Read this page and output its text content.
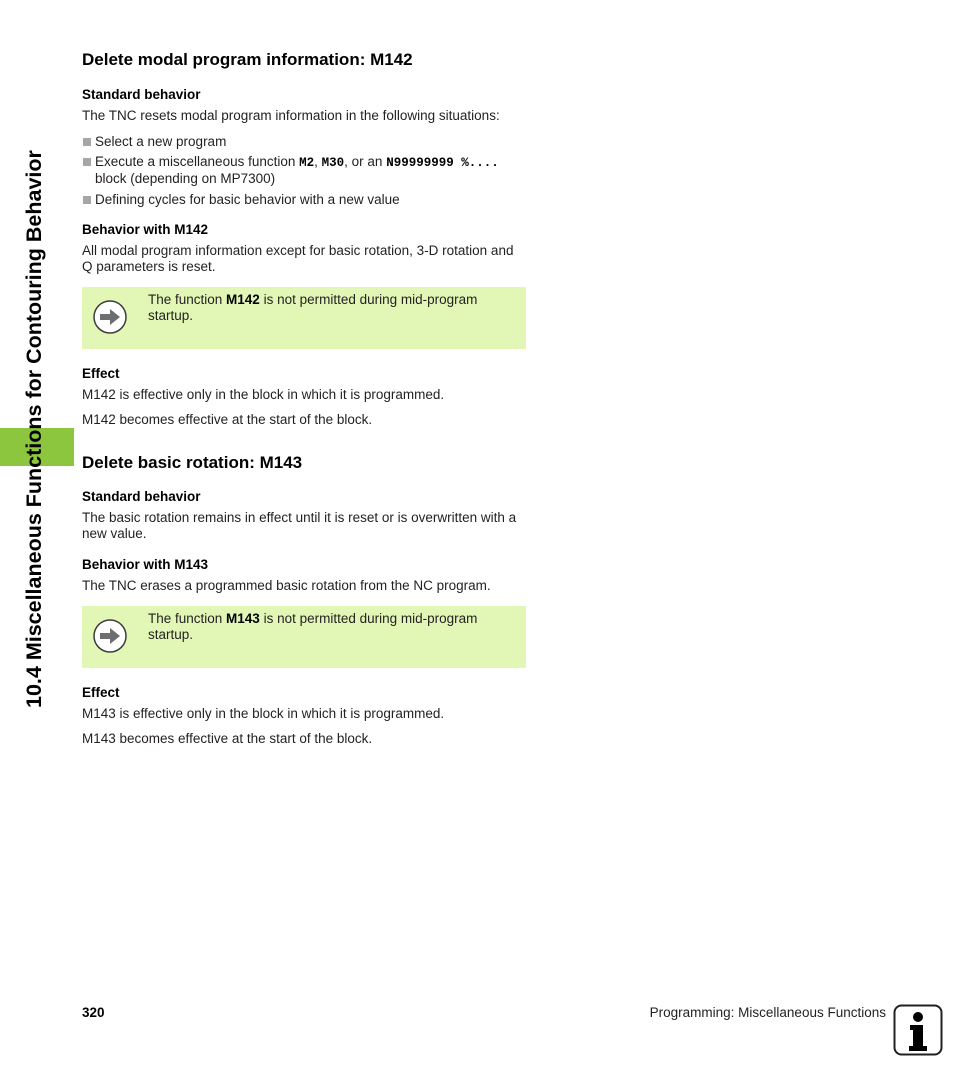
10.4 Miscellaneous Functions for Contouring Behavior
Delete modal program information: M142
Standard behavior

The TNC resets modal program information in the following situations:

Select a new program
Execute a miscellaneous function M2, M30, or an N99999999 %.... block (depending on MP7300)
Defining cycles for basic behavior with a new value
Behavior with M142

All modal program information except for basic rotation, 3-D rotation and Q parameters is reset.

The function M142 is not permitted during mid-program startup.
Effect
M142 is effective only in the block in which it is programmed.
M142 becomes effective at the start of the block.
Delete basic rotation: M143
Standard behavior

The basic rotation remains in effect until it is reset or is overwritten with a new value.

Behavior with M143

The TNC erases a programmed basic rotation from the NC program.

The function M143 is not permitted during mid-program startup.
Effect
M143 is effective only in the block in which it is programmed.
M143 becomes effective at the start of the block.
320	Programming: Miscellaneous Functions
